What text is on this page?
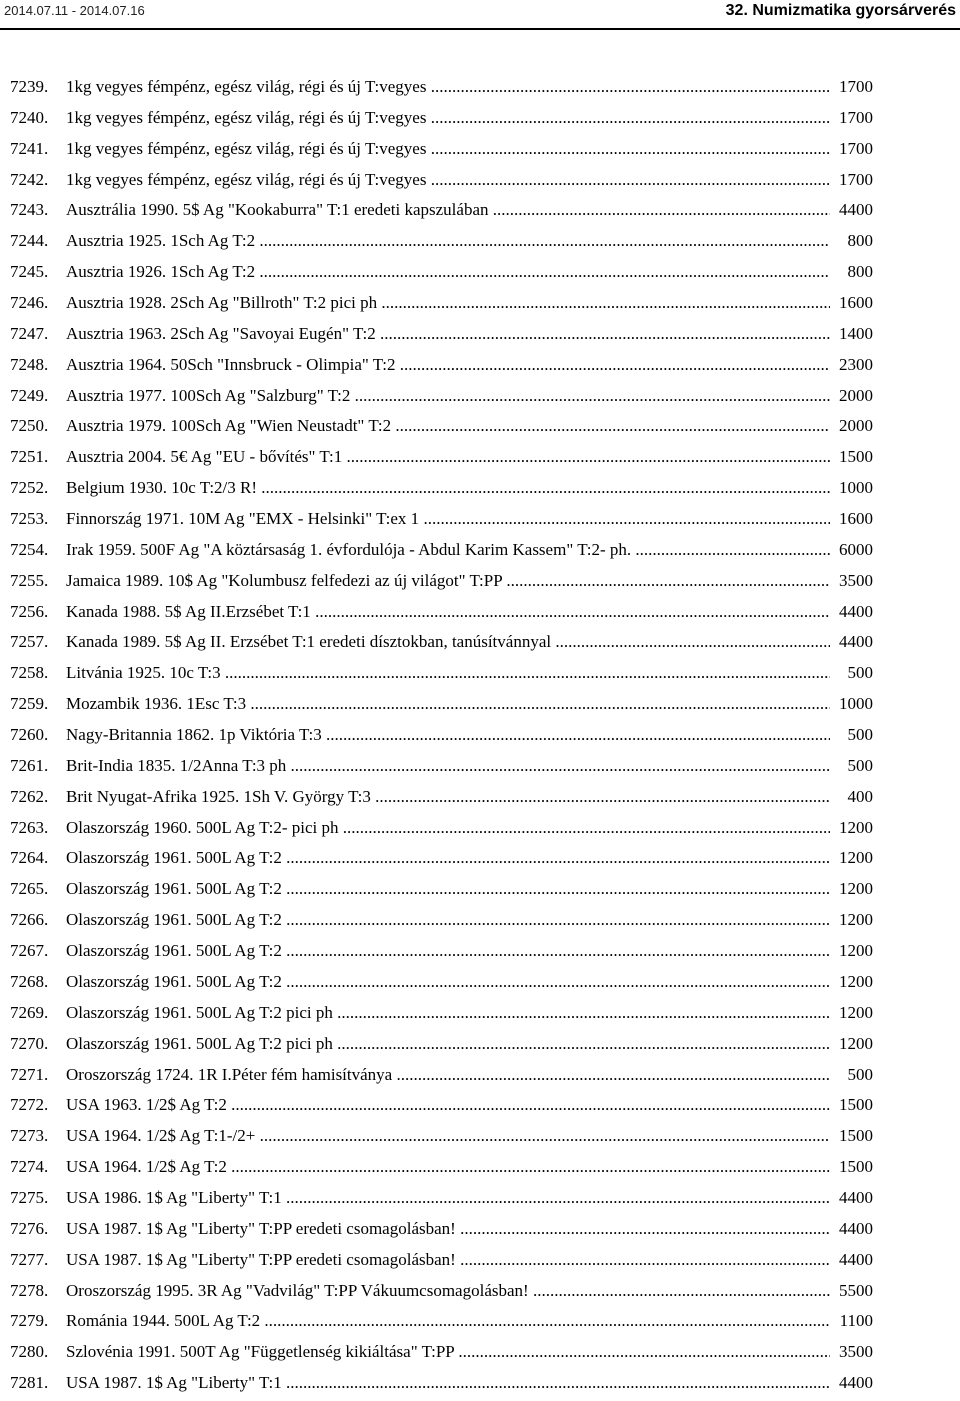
2014.07.11 - 2014.07.16	32. Numizmatika gyorsárverés
7239. 1kg vegyes fémpénz, egész világ, régi és új T:vegyes .....	1700
7240. 1kg vegyes fémpénz, egész világ, régi és új T:vegyes .....	1700
7241. 1kg vegyes fémpénz, egész világ, régi és új T:vegyes .....	1700
7242. 1kg vegyes fémpénz, egész világ, régi és új T:vegyes .....	1700
7243. Ausztrália 1990. 5$ Ag "Kookaburra" T:1 eredeti kapszulában .....	4400
7244. Ausztria 1925. 1Sch Ag T:2 .....	800
7245. Ausztria 1926. 1Sch Ag T:2 .....	800
7246. Ausztria 1928. 2Sch Ag "Billroth" T:2 pici ph .....	1600
7247. Ausztria 1963. 2Sch Ag "Savoyai Eugén" T:2 .....	1400
7248. Ausztria 1964. 50Sch "Innsbruck - Olimpia" T:2 .....	2300
7249. Ausztria 1977. 100Sch Ag "Salzburg" T:2 .....	2000
7250. Ausztria 1979. 100Sch Ag "Wien Neustadt" T:2 .....	2000
7251. Ausztria 2004. 5€ Ag "EU - bővítés" T:1 .....	1500
7252. Belgium 1930. 10c T:2/3 R! .....	1000
7253. Finnország 1971. 10M Ag "EMX - Helsinki" T:ex 1 .....	1600
7254. Irak 1959. 500F Ag "A köztársaság 1. évfordulója - Abdul Karim Kassem" T:2- ph. .....	6000
7255. Jamaica 1989. 10$ Ag "Kolumbusz felfedezi az új világot" T:PP .....	3500
7256. Kanada 1988. 5$ Ag II.Erzsébet T:1 .....	4400
7257. Kanada 1989. 5$ Ag II. Erzsébet T:1 eredeti dísztokban, tanúsítvánnyal .....	4400
7258. Litvánia 1925. 10c T:3 .....	500
7259. Mozambik 1936. 1Esc T:3 .....	1000
7260. Nagy-Britannia 1862. 1p Viktória T:3 .....	500
7261. Brit-India 1835. 1/2Anna T:3 ph .....	500
7262. Brit Nyugat-Afrika 1925. 1Sh V. György T:3 .....	400
7263. Olaszország 1960. 500L Ag T:2- pici ph .....	1200
7264. Olaszország 1961. 500L Ag T:2 .....	1200
7265. Olaszország 1961. 500L Ag T:2 .....	1200
7266. Olaszország 1961. 500L Ag T:2 .....	1200
7267. Olaszország 1961. 500L Ag T:2 .....	1200
7268. Olaszország 1961. 500L Ag T:2 .....	1200
7269. Olaszország 1961. 500L Ag T:2 pici ph .....	1200
7270. Olaszország 1961. 500L Ag T:2 pici ph .....	1200
7271. Oroszország 1724. 1R I.Péter fém hamisítványa .....	500
7272. USA 1963. 1/2$ Ag T:2 .....	1500
7273. USA 1964. 1/2$ Ag T:1-/2+ .....	1500
7274. USA 1964. 1/2$ Ag T:2 .....	1500
7275. USA 1986. 1$ Ag "Liberty" T:1 .....	4400
7276. USA 1987. 1$ Ag "Liberty" T:PP eredeti csomagolásban! .....	4400
7277. USA 1987. 1$ Ag "Liberty" T:PP eredeti csomagolásban! .....	4400
7278. Oroszország 1995. 3R Ag "Vadvilág" T:PP Vákuumcsomagolásban! .....	5500
7279. Románia 1944. 500L Ag T:2 .....	1100
7280. Szlovénia 1991. 500T Ag "Függetlenség kikiáltása" T:PP .....	3500
7281. USA 1987. 1$ Ag "Liberty" T:1 .....	4400
